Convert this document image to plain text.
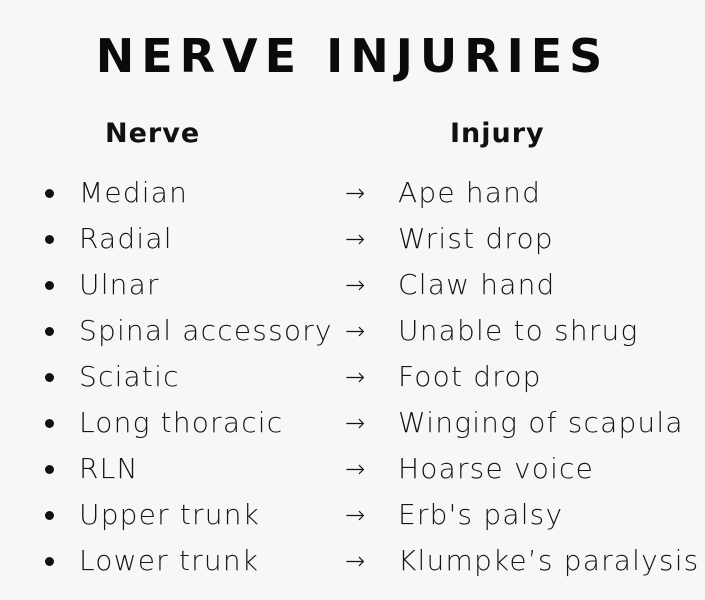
NERVE INJURIES
Nerve	Injury
Median	→ Ape hand
Radial	→ Wrist drop
Ulnar	→ Claw hand
Spinal accessory → Unable to shrug
Sciatic	→ Foot drop
Long thoracic	→ Winging of scapula
RLN	→ Hoarse voice
Upper trunk	→ Erb's palsy
Lower trunk	→ Klumpke’s paralysis
